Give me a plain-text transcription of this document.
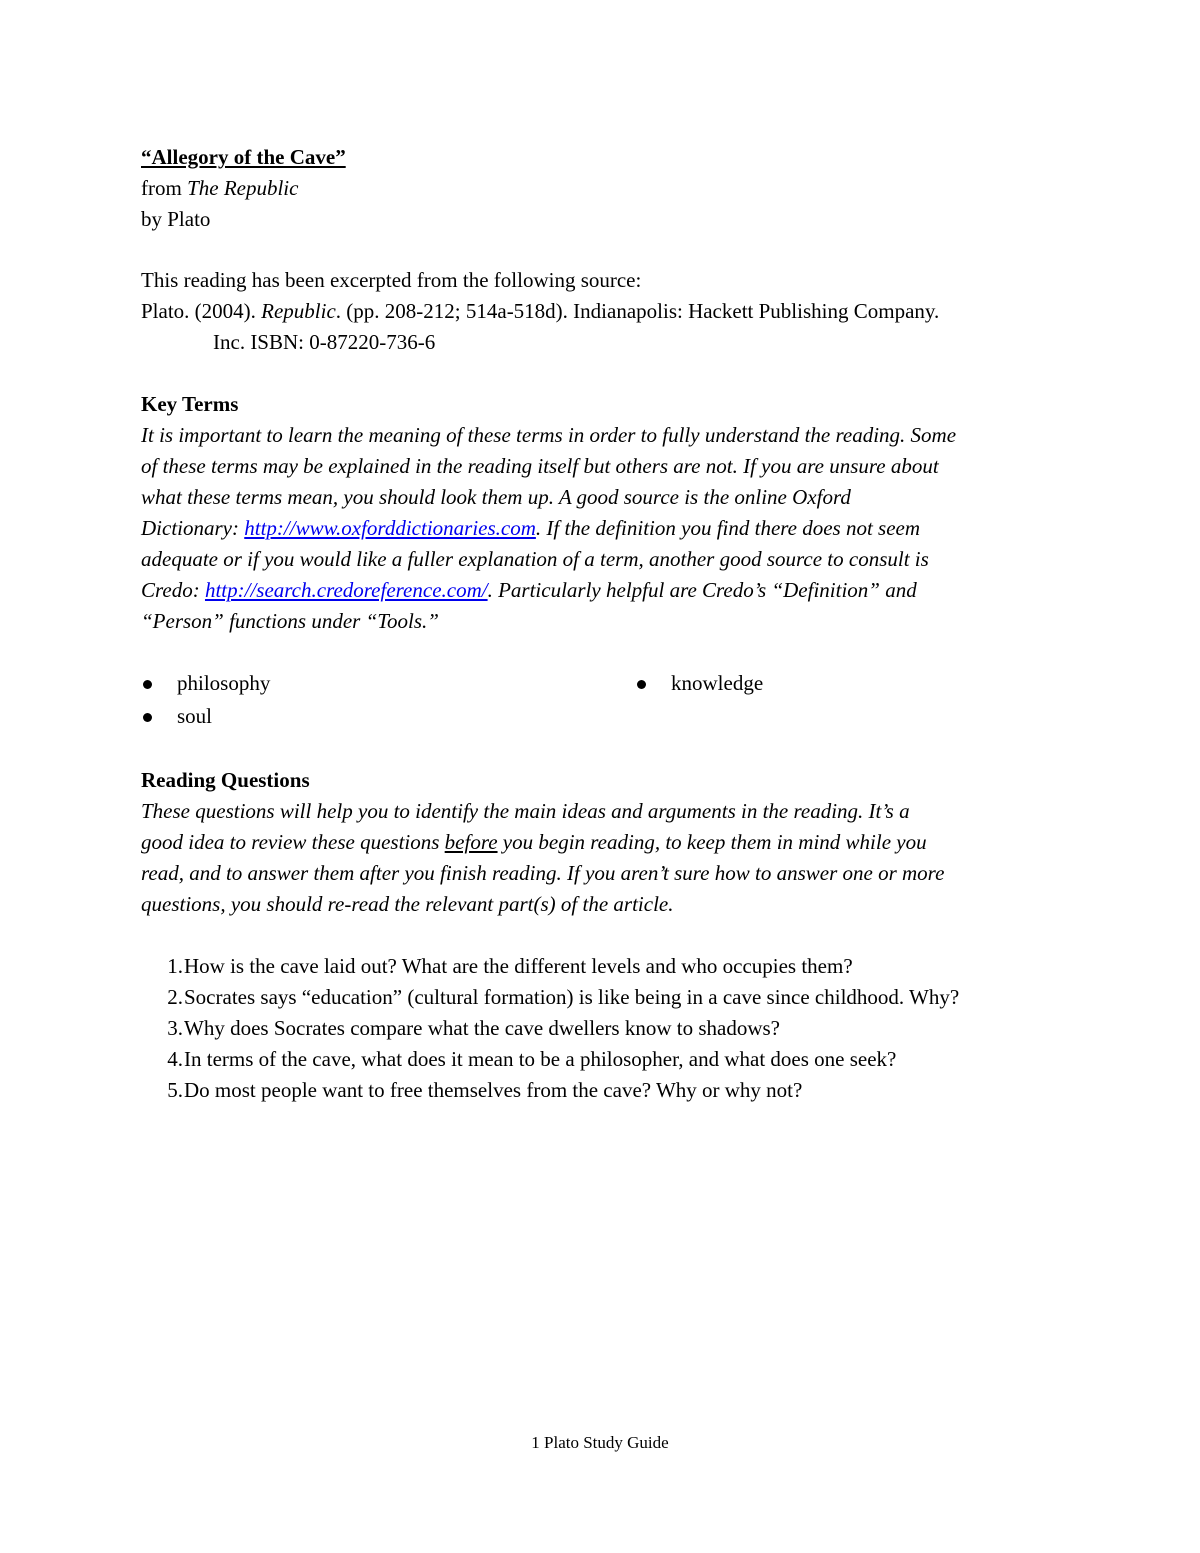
“Allegory of the Cave”
from The Republic
by Plato
This reading has been excerpted from the following source:
Plato. (2004). Republic. (pp. 208-212; 514a-518d). Indianapolis: Hackett Publishing Company.
Inc. ISBN: 0-87220-736-6
Key Terms
It is important to learn the meaning of these terms in order to fully understand the reading. Some
of these terms may be explained in the reading itself but others are not. If you are unsure about
what these terms mean, you should look them up. A good source is the online Oxford
Dictionary: http://www.oxforddictionaries.com. If the definition you find there does not seem
adequate or if you would like a fuller explanation of a term, another good source to consult is
Credo: http://search.credoreference.com/. Particularly helpful are Credo’s “Definition” and
“Person” functions under “Tools.”
philosophy	knowledge
soul
Reading Questions
These questions will help you to identify the main ideas and arguments in the reading. It’s a
good idea to review these questions before you begin reading, to keep them in mind while you
read, and to answer them after you finish reading. If you aren’t sure how to answer one or more
questions, you should re-read the relevant part(s) of the article.
1. How is the cave laid out? What are the different levels and who occupies them?
2. Socrates says “education” (cultural formation) is like being in a cave since childhood. Why?
3. Why does Socrates compare what the cave dwellers know to shadows?
4. In terms of the cave, what does it mean to be a philosopher, and what does one seek?
5. Do most people want to free themselves from the cave? Why or why not?
1 Plato Study Guide
